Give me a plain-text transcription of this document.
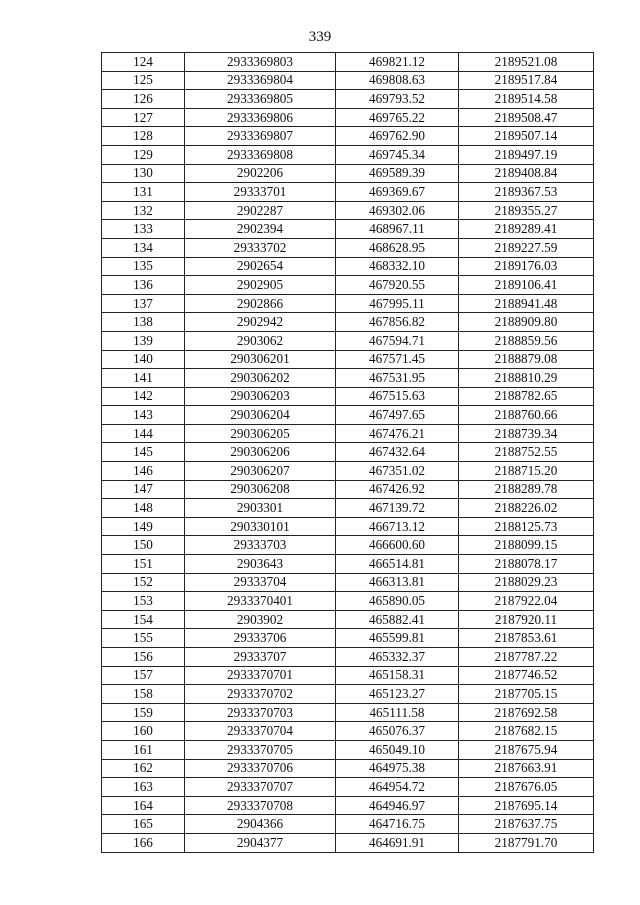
339
124	2933369803	469821.12	2189521.08
125	2933369804	469808.63	2189517.84
126	2933369805	469793.52	2189514.58
127	2933369806	469765.22	2189508.47
128	2933369807	469762.90	2189507.14
129	2933369808	469745.34	2189497.19
130	2902206	469589.39	2189408.84
131	29333701	469369.67	2189367.53
132	2902287	469302.06	2189355.27
133	2902394	468967.11	2189289.41
134	29333702	468628.95	2189227.59
135	2902654	468332.10	2189176.03
136	2902905	467920.55	2189106.41
137	2902866	467995.11	2188941.48
138	2902942	467856.82	2188909.80
139	2903062	467594.71	2188859.56
140	290306201	467571.45	2188879.08
141	290306202	467531.95	2188810.29
142	290306203	467515.63	2188782.65
143	290306204	467497.65	2188760.66
144	290306205	467476.21	2188739.34
145	290306206	467432.64	2188752.55
146	290306207	467351.02	2188715.20
147	290306208	467426.92	2188289.78
148	2903301	467139.72	2188226.02
149	290330101	466713.12	2188125.73
150	29333703	466600.60	2188099.15
151	2903643	466514.81	2188078.17
152	29333704	466313.81	2188029.23
153	2933370401	465890.05	2187922.04
154	2903902	465882.41	2187920.11
155	29333706	465599.81	2187853.61
156	29333707	465332.37	2187787.22
157	2933370701	465158.31	2187746.52
158	2933370702	465123.27	2187705.15
159	2933370703	465111.58	2187692.58
160	2933370704	465076.37	2187682.15
161	2933370705	465049.10	2187675.94
162	2933370706	464975.38	2187663.91
163	2933370707	464954.72	2187676.05
164	2933370708	464946.97	2187695.14
165	2904366	464716.75	2187637.75
166	2904377	464691.91	2187791.70
